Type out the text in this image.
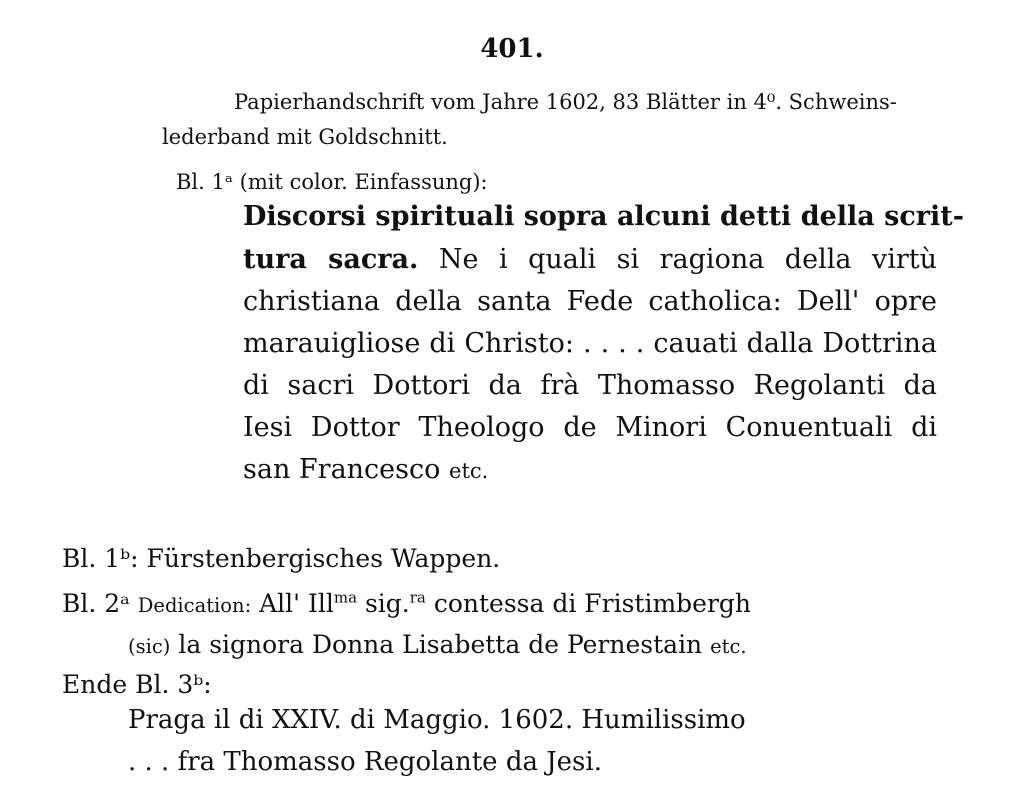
401.
Papierhandschrift vom Jahre 1602, 83 Blätter in 4⁰. Schweins-
lederband mit Goldschnitt.
Bl. 1ᵃ (mit color. Einfassung):
Discorsi spirituali sopra alcuni detti della scrit-
tura sacra. Ne i quali si ragiona della virtù
christiana della santa Fede catholica: Dell' opre
marauigliose di Christo: . . . . cauati dalla Dottrina
di sacri Dottori da frà Thomasso Regolanti da
Iesi Dottor Theologo de Minori Conuentuali di
san Francesco etc.
Bl. 1ᵇ: Fürstenbergisches Wappen.
Bl. 2ᵃ Dedication: All' Ill$^{ma}$ sig.$^{ra}$ contessa di Fristimbergh
(sic) la signora Donna Lisabetta de Pernestain etc.
Ende Bl. 3ᵇ:
Praga il di XXIV. di Maggio. 1602. Humilissimo
. . . fra Thomasso Regolante da Jesi.
